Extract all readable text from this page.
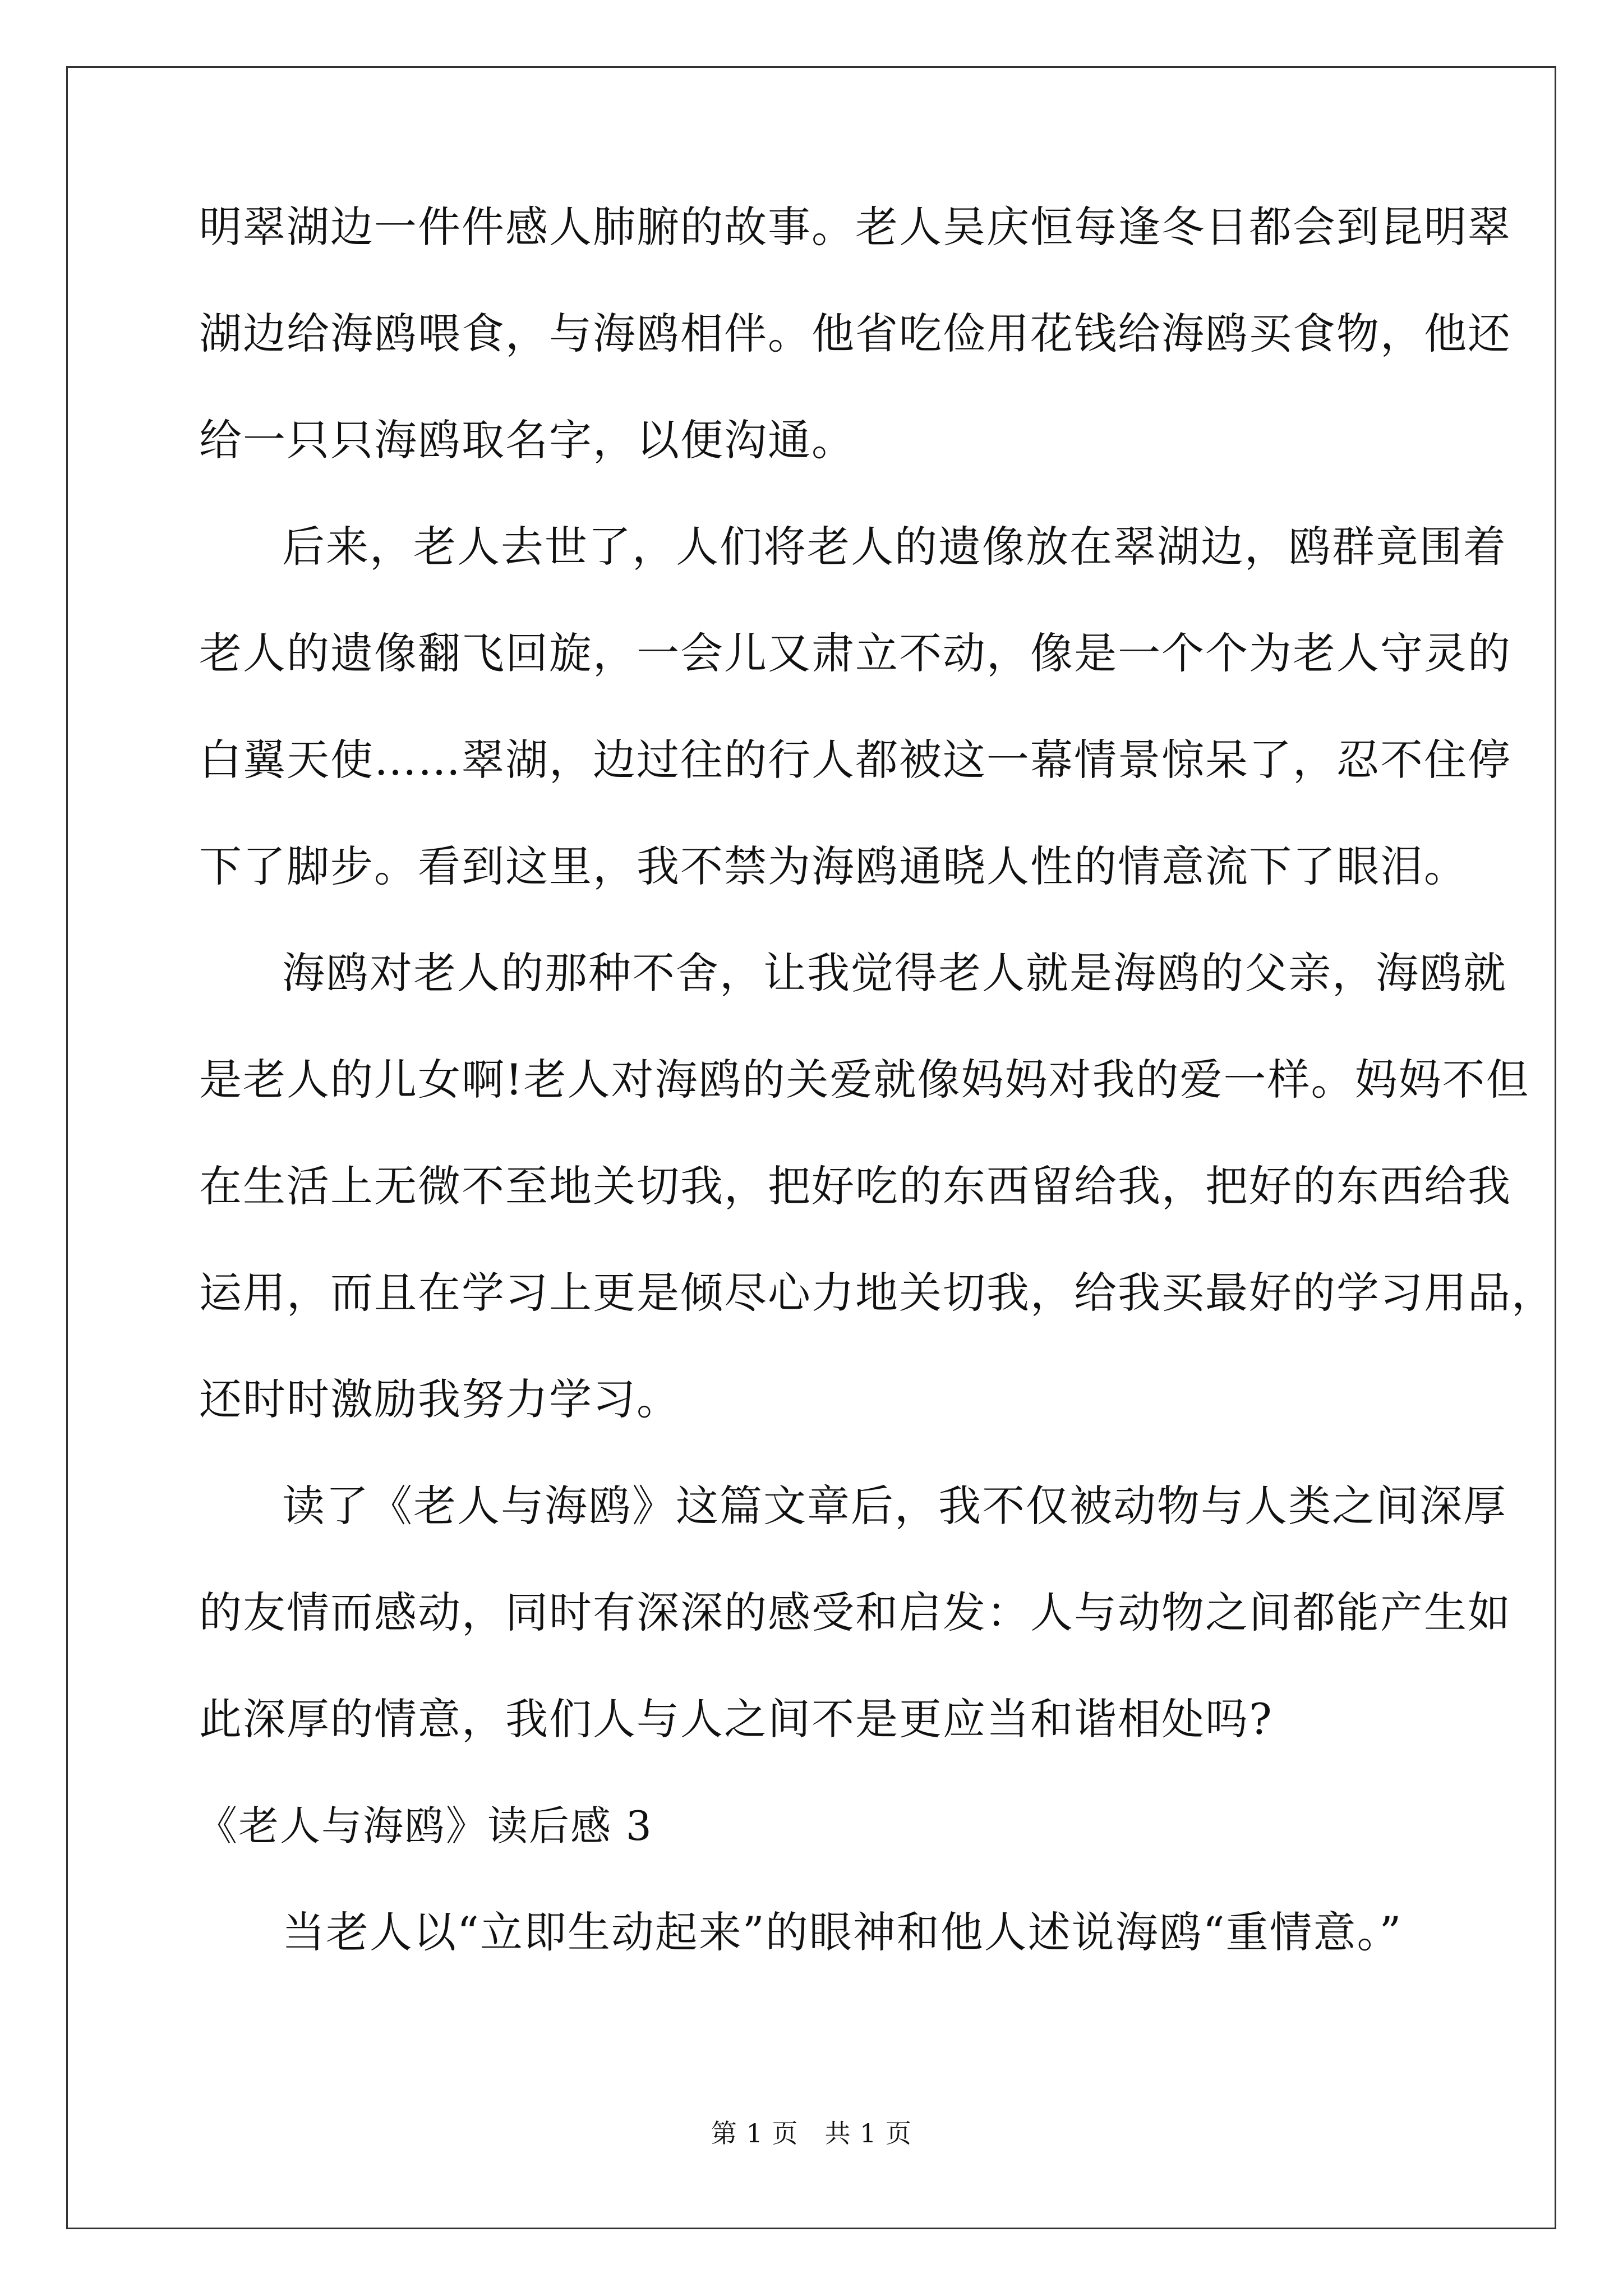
明翠湖边一件件感人肺腑的故事。老人吴庆恒每逢冬日都会到昆明翠
湖边给海鸥喂食，与海鸥相伴。他省吃俭用花钱给海鸥买食物，他还
给一只只海鸥取名字，以便沟通。
后来，老人去世了，人们将老人的遗像放在翠湖边，鸥群竟围着
老人的遗像翻飞回旋，一会儿又肃立不动，像是一个个为老人守灵的
白翼天使……翠湖，边过往的行人都被这一幕情景惊呆了，忍不住停
下了脚步。看到这里，我不禁为海鸥通晓人性的情意流下了眼泪。
海鸥对老人的那种不舍，让我觉得老人就是海鸥的父亲，海鸥就
是老人的儿女啊!老人对海鸥的关爱就像妈妈对我的爱一样。妈妈不但
在生活上无微不至地关切我，把好吃的东西留给我，把好的东西给我
运用，而且在学习上更是倾尽心力地关切我，给我买最好的学习用品，
还时时激励我努力学习。
读了《老人与海鸥》这篇文章后，我不仅被动物与人类之间深厚
的友情而感动，同时有深深的感受和启发：人与动物之间都能产生如
此深厚的情意，我们人与人之间不是更应当和谐相处吗?
《老人与海鸥》读后感 3
当老人以“立即生动起来”的眼神和他人述说海鸥“重情意。”
第 1 页　共 1 页
